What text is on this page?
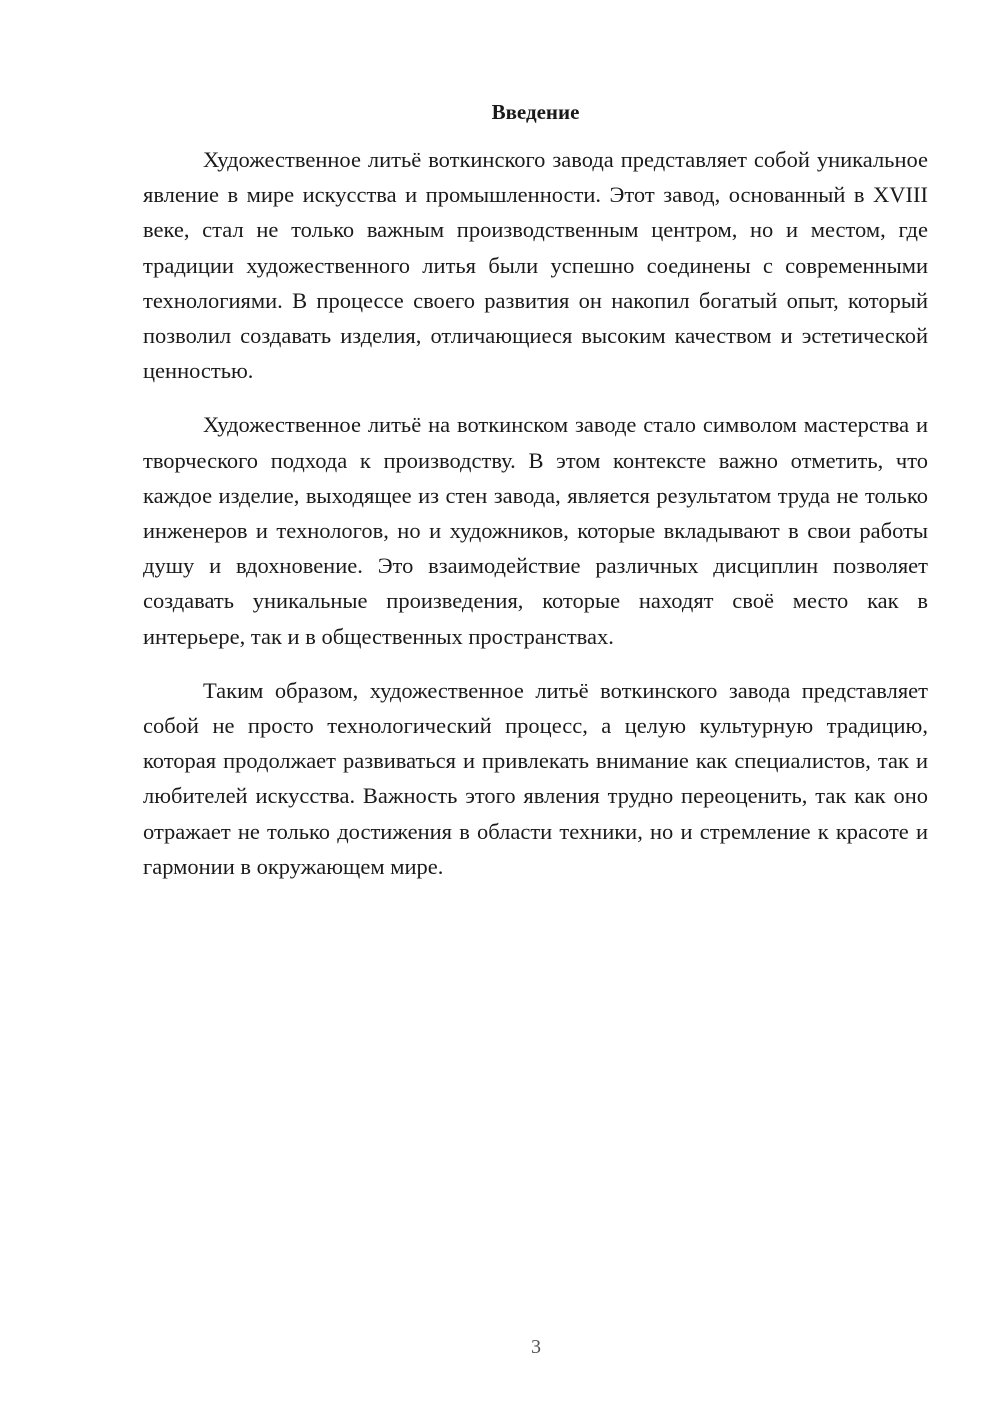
Введение

Художественное литьё воткинского завода представляет собой уникальное явление в мире искусства и промышленности. Этот завод, основанный в XVIII веке, стал не только важным производственным центром, но и местом, где традиции художественного литья были успешно соединены с современными технологиями. В процессе своего развития он накопил богатый опыт, который позволил создавать изделия, отличающиеся высоким качеством и эстетической ценностью.

Художественное литьё на воткинском заводе стало символом мастерства и творческого подхода к производству. В этом контексте важно отметить, что каждое изделие, выходящее из стен завода, является результатом труда не только инженеров и технологов, но и художников, которые вкладывают в свои работы душу и вдохновение. Это взаимодействие различных дисциплин позволяет создавать уникальные произведения, которые находят своё место как в интерьере, так и в общественных пространствах.

Таким образом, художественное литьё воткинского завода представляет собой не просто технологический процесс, а целую культурную традицию, которая продолжает развиваться и привлекать внимание как специалистов, так и любителей искусства. Важность этого явления трудно переоценить, так как оно отражает не только достижения в области техники, но и стремление к красоте и гармонии в окружающем мире.

3
